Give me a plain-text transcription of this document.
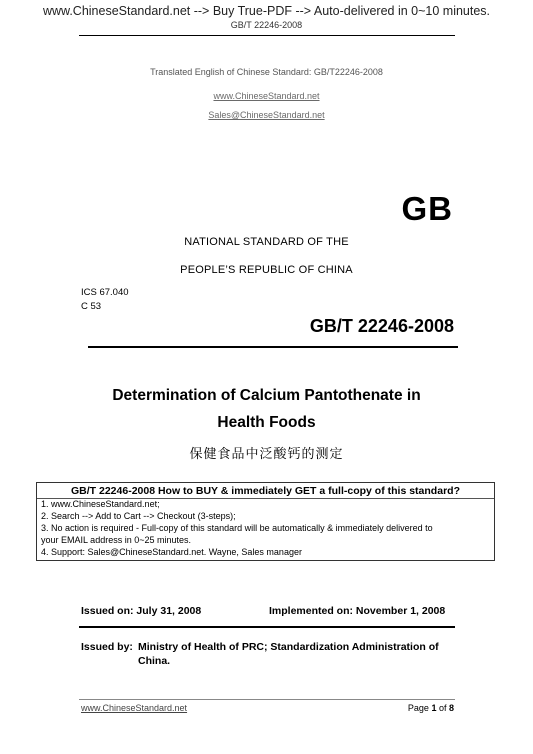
www.ChineseStandard.net --> Buy True-PDF --> Auto-delivered in 0~10 minutes.
GB/T 22246-2008
Translated English of Chinese Standard: GB/T22246-2008
www.ChineseStandard.net
Sales@ChineseStandard.net
GB
NATIONAL STANDARD OF THE
PEOPLE’S REPUBLIC OF CHINA
ICS 67.040
C 53
GB/T 22246-2008
Determination of Calcium Pantothenate in
Health Foods
保健食品中泛酸钙的测定
GB/T 22246-2008 How to BUY & immediately GET a full-copy of this standard?
1. www.ChineseStandard.net;
2. Search --> Add to Cart --> Checkout (3-steps);
3. No action is required - Full-copy of this standard will be automatically & immediately delivered to
your EMAIL address in 0~25 minutes.
4. Support: Sales@ChineseStandard.net. Wayne, Sales manager
Issued on: July 31, 2008	Implemented on: November 1, 2008
Issued by: Ministry of Health of PRC; Standardization Administration of
China.
www.ChineseStandard.net	Page 1 of 8
